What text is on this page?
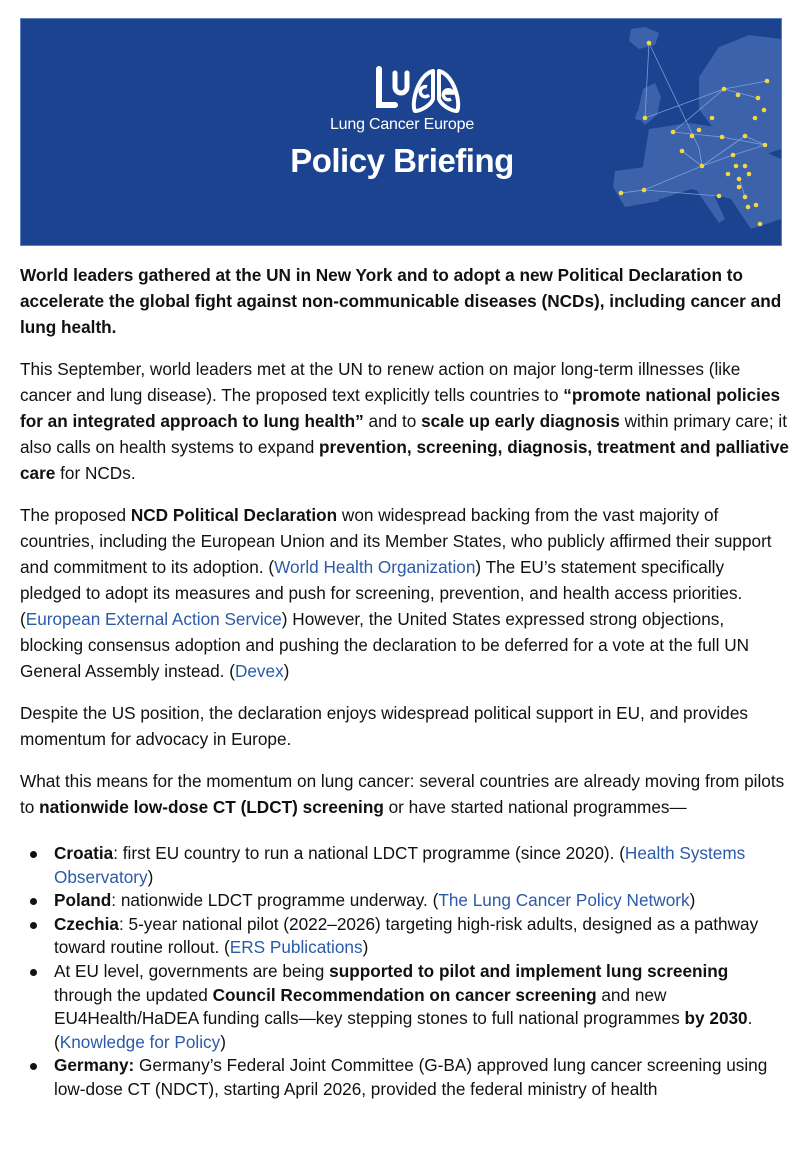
Lung Cancer Europe
Policy Briefing

World leaders gathered at the UN in New York and to adopt a new Political Declaration to accelerate the global fight against non-communicable diseases (NCDs), including cancer and lung health.

This September, world leaders met at the UN to renew action on major long-term illnesses (like cancer and lung disease). The proposed text explicitly tells countries to “promote national policies for an integrated approach to lung health” and to scale up early diagnosis within primary care; it also calls on health systems to expand prevention, screening, diagnosis, treatment and palliative care for NCDs.

The proposed NCD Political Declaration won widespread backing from the vast majority of countries, including the European Union and its Member States, who publicly affirmed their support and commitment to its adoption. (World Health Organization) The EU’s statement specifically pledged to adopt its measures and push for screening, prevention, and health access priorities. (European External Action Service) However, the United States expressed strong objections, blocking consensus adoption and pushing the declaration to be deferred for a vote at the full UN General Assembly instead. (Devex)

Despite the US position, the declaration enjoys widespread political support in EU, and provides momentum for advocacy in Europe.

What this means for the momentum on lung cancer: several countries are already moving from pilots to nationwide low-dose CT (LDCT) screening or have started national programmes—

Croatia: first EU country to run a national LDCT programme (since 2020). (Health Systems Observatory)
Poland: nationwide LDCT programme underway. (The Lung Cancer Policy Network)
Czechia: 5-year national pilot (2022–2026) targeting high-risk adults, designed as a pathway toward routine rollout. (ERS Publications)
At EU level, governments are being supported to pilot and implement lung screening through the updated Council Recommendation on cancer screening and new EU4Health/HaDEA funding calls—key stepping stones to full national programmes by 2030. (Knowledge for Policy)
Germany: Germany’s Federal Joint Committee (G-BA) approved lung cancer screening using low-dose CT (NDCT), starting April 2026, provided the federal ministry of health
